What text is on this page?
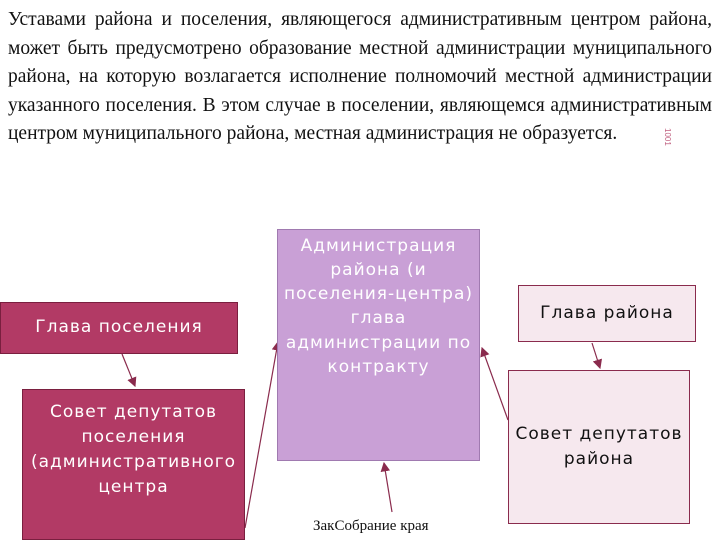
Уставами района и поселения, являющегося административным центром района, может быть предусмотрено образование местной администрации муниципального района, на которую возлагается исполнение полномочий местной администрации указанного поселения. В этом случае в поселении, являющемся административным центром муниципального района, местная администрация не образуется.	1001
Администрация района (и поселения-центра) глава администрации по контракту
Глава поселения
Совет депутатов поселения (административного центра
Глава района
Совет депутатов района
ЗакСобрание края
